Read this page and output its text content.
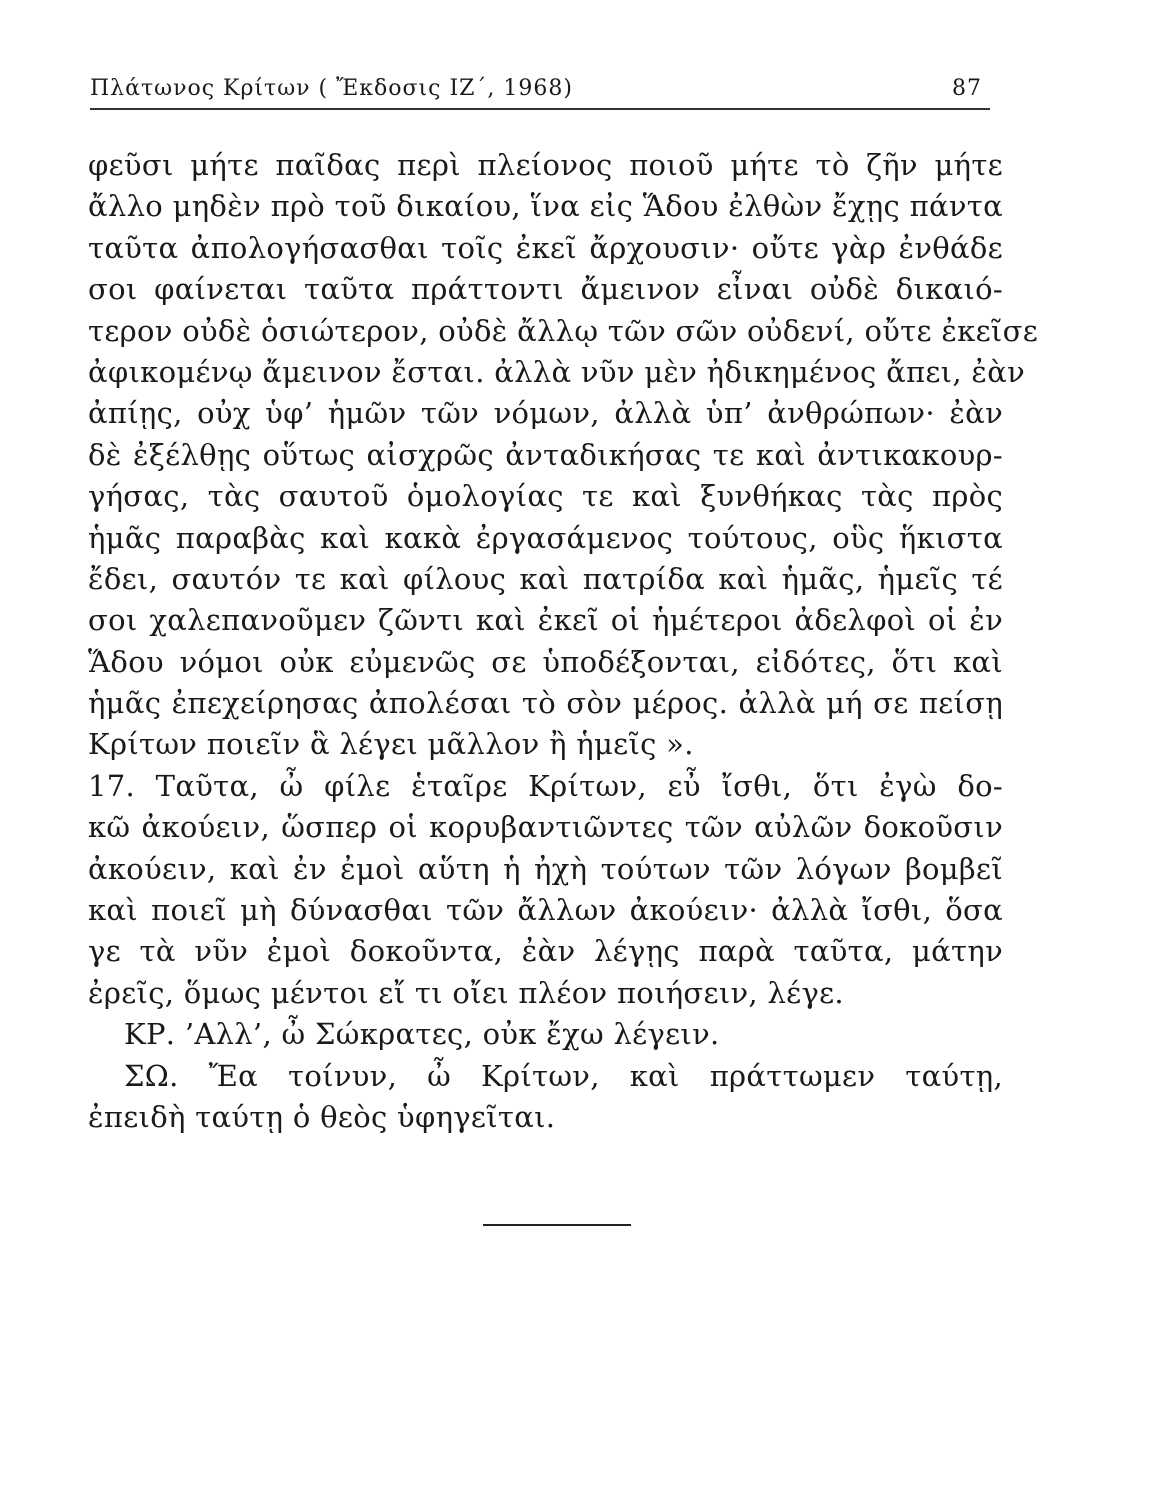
Πλάτωνος Κρίτων ( Ἔκδοσις ΙΖ΄, 1968)	87
φεῦσι μήτε παῖδας περὶ πλείονος ποιοῦ μήτε τὸ ζῆν μήτε
ἄλλο μηδὲν πρὸ τοῦ δικαίου, ἵνα εἰς Ἅδου ἐλθὼν ἔχῃς πάντα
ταῦτα ἀπολογήσασθαι τοῖς ἐκεῖ ἄρχουσιν· οὔτε γὰρ ἐνθάδε
σοι φαίνεται ταῦτα πράττοντι ἄμεινον εἶναι οὐδὲ δικαιό-
τερον οὐδὲ ὁσιώτερον, οὐδὲ ἄλλῳ τῶν σῶν οὐδενί, οὔτε ἐκεῖσε
ἀφικομένῳ ἄμεινον ἔσται. ἀλλὰ νῦν μὲν ἠδικημένος ἄπει, ἐὰν
ἀπίῃς, οὐχ ὑφ’ ἡμῶν τῶν νόμων, ἀλλὰ ὑπ’ ἀνθρώπων· ἐὰν
δὲ ἐξέλθῃς οὕτως αἰσχρῶς ἀνταδικήσας τε καὶ ἀντικακουρ-
γήσας, τὰς σαυτοῦ ὁμολογίας τε καὶ ξυνθήκας τὰς πρὸς
ἡμᾶς παραβὰς καὶ κακὰ ἐργασάμενος τούτους, οὓς ἥκιστα
ἔδει, σαυτόν τε καὶ φίλους καὶ πατρίδα καὶ ἡμᾶς, ἡμεῖς τέ
σοι χαλεπανοῦμεν ζῶντι καὶ ἐκεῖ οἱ ἡμέτεροι ἀδελφοὶ οἱ ἐν
Ἅδου νόμοι οὐκ εὐμενῶς σε ὑποδέξονται, εἰδότες, ὅτι καὶ
ἡμᾶς ἐπεχείρησας ἀπολέσαι τὸ σὸν μέρος. ἀλλὰ μή σε πείσῃ
Κρίτων ποιεῖν ἃ λέγει μᾶλλον ἢ ἡμεῖς ».
17. Ταῦτα, ὦ φίλε ἑταῖρε Κρίτων, εὖ ἴσθι, ὅτι ἐγὼ δο-
κῶ ἀκούειν, ὥσπερ οἱ κορυβαντιῶντες τῶν αὐλῶν δοκοῦσιν
ἀκούειν, καὶ ἐν ἐμοὶ αὕτη ἡ ἠχὴ τούτων τῶν λόγων βομβεῖ
καὶ ποιεῖ μὴ δύνασθαι τῶν ἄλλων ἀκούειν· ἀλλὰ ἴσθι, ὅσα
γε τὰ νῦν ἐμοὶ δοκοῦντα, ἐὰν λέγῃς παρὰ ταῦτα, μάτην
ἐρεῖς, ὅμως μέντοι εἴ τι οἴει πλέον ποιήσειν, λέγε.
ΚΡ. ’Αλλ’, ὦ Σώκρατες, οὐκ ἔχω λέγειν.
ΣΩ. Ἔα τοίνυν, ὦ Κρίτων, καὶ πράττωμεν ταύτῃ,
ἐπειδὴ ταύτῃ ὁ θεὸς ὑφηγεῖται.
